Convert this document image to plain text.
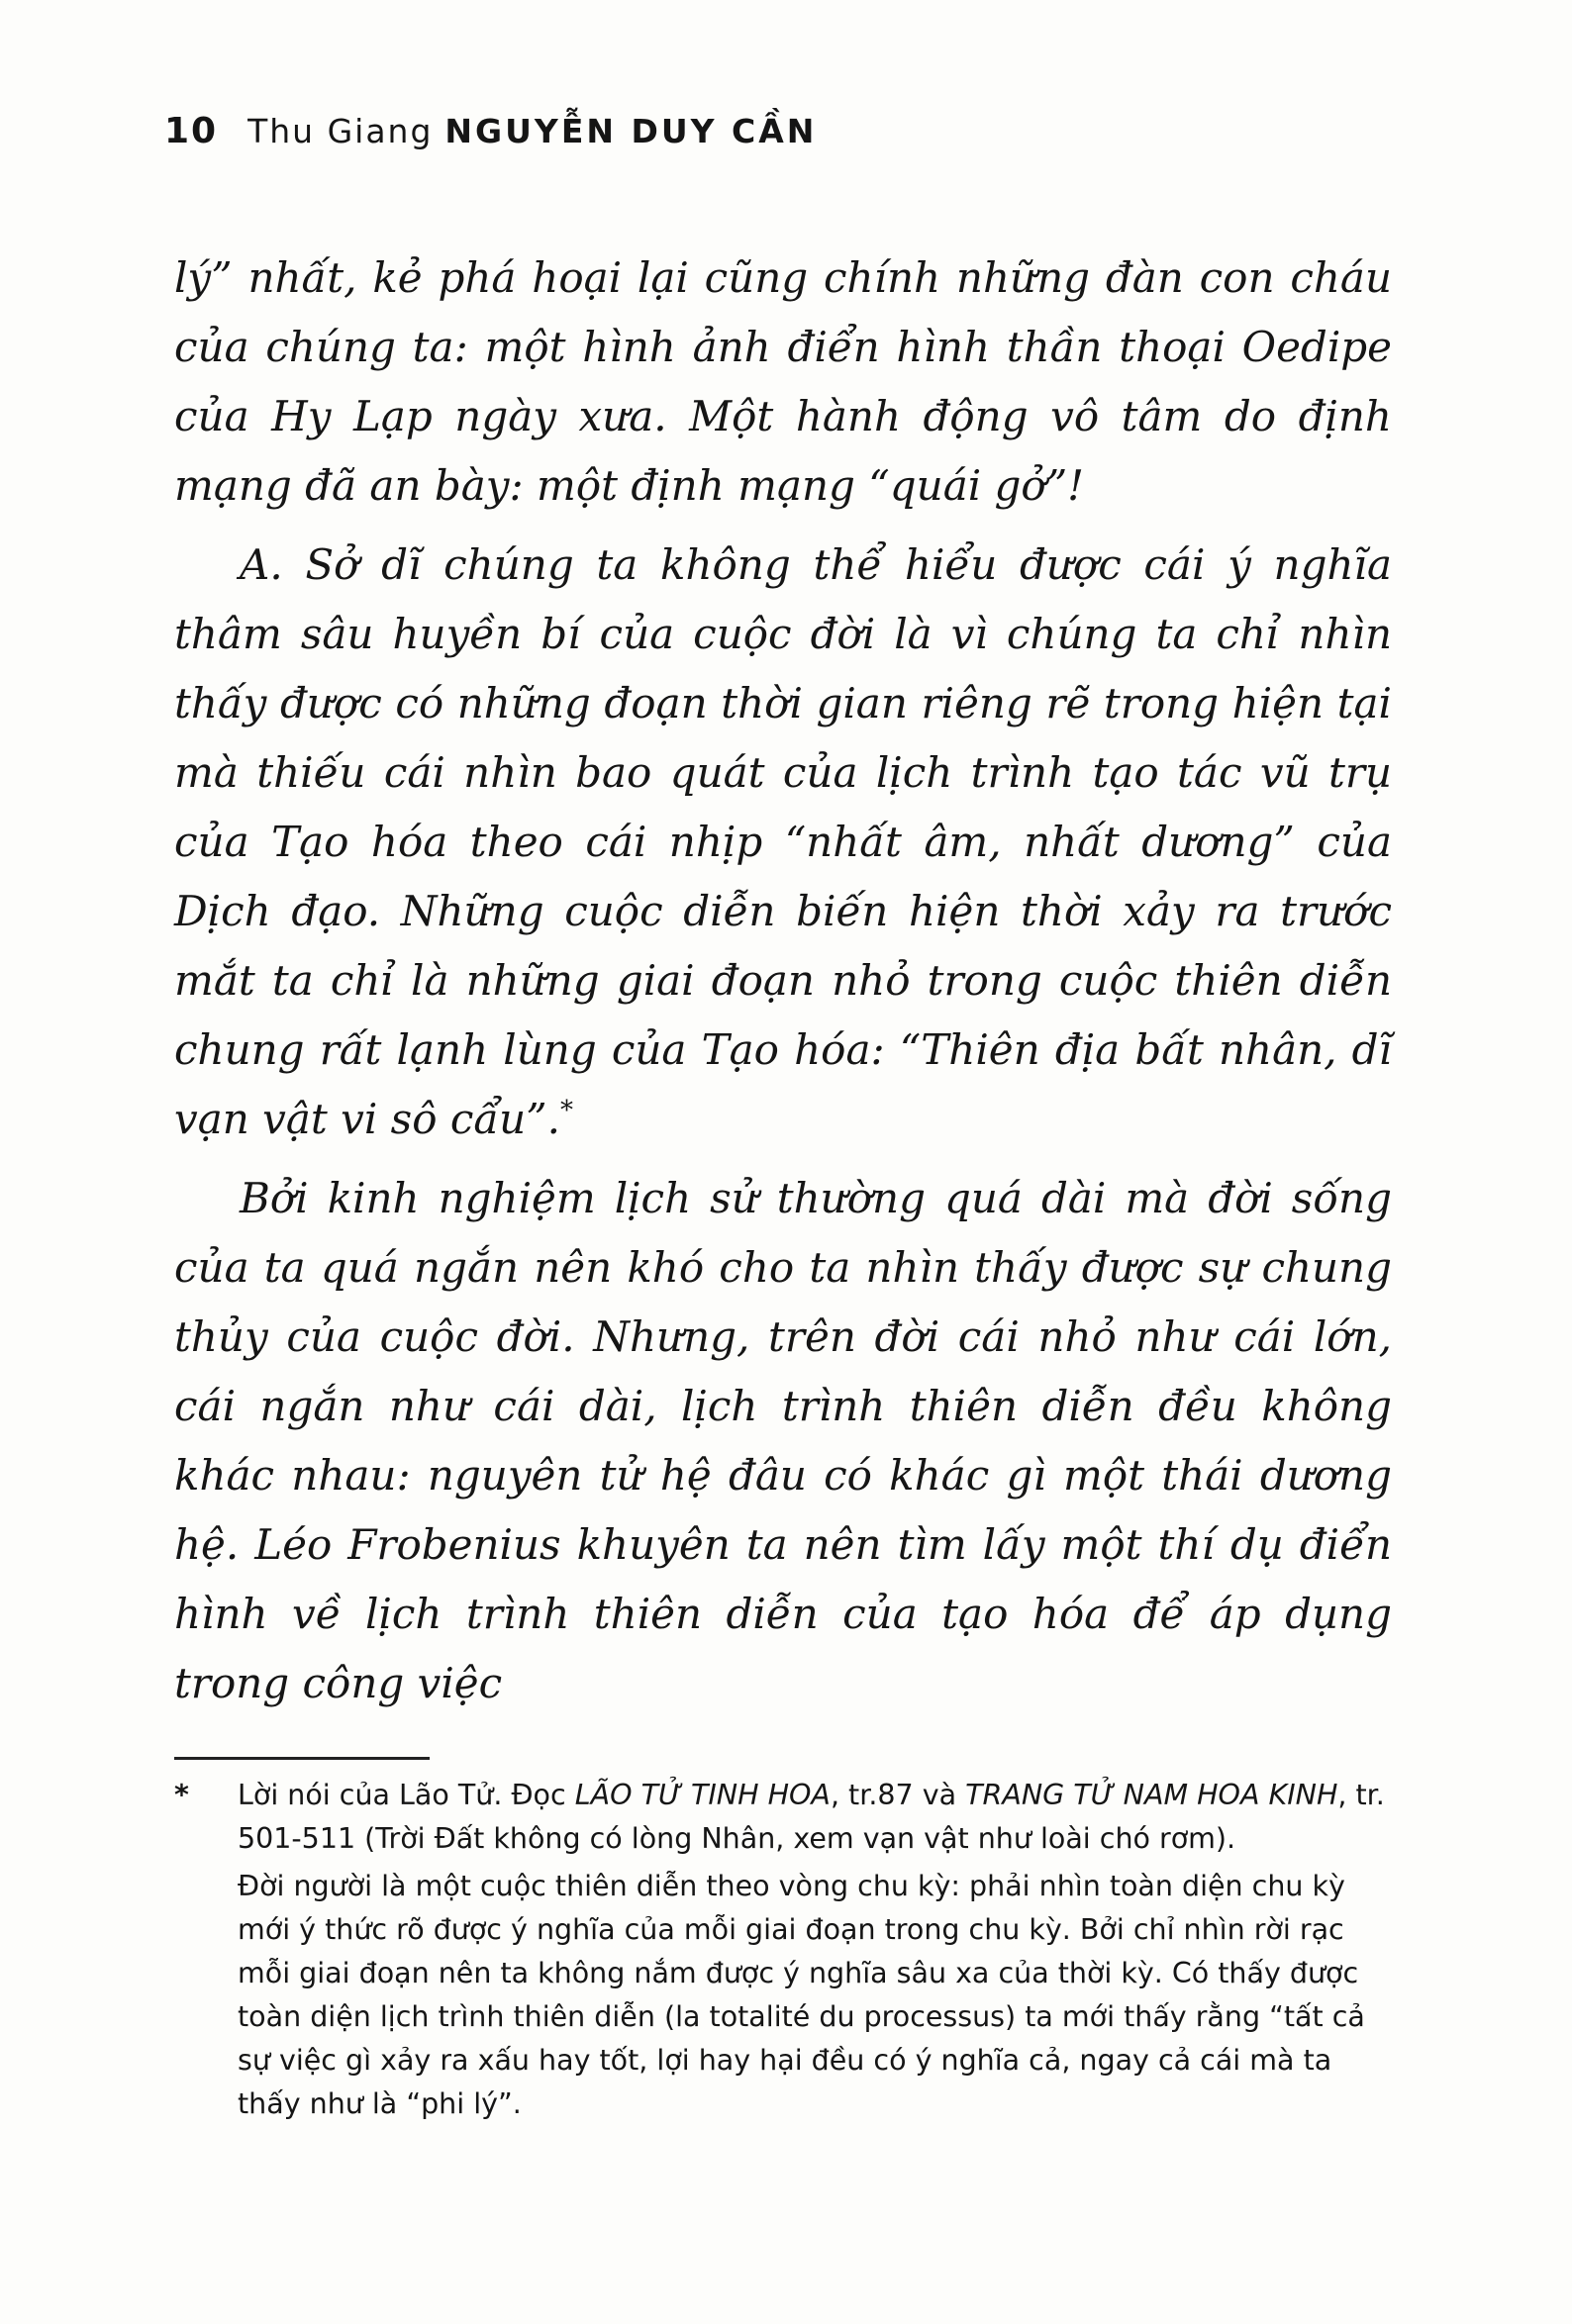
10 Thu Giang NGUYỄN DUY CẦN

lý” nhất, kẻ phá hoại lại cũng chính những đàn con cháu của chúng ta: một hình ảnh điển hình thần thoại Oedipe của Hy Lạp ngày xưa. Một hành động vô tâm do định mạng đã an bày: một định mạng “quái gở”!

A. Sở dĩ chúng ta không thể hiểu được cái ý nghĩa thâm sâu huyền bí của cuộc đời là vì chúng ta chỉ nhìn thấy được có những đoạn thời gian riêng rẽ trong hiện tại mà thiếu cái nhìn bao quát của lịch trình tạo tác vũ trụ của Tạo hóa theo cái nhịp “nhất âm, nhất dương” của Dịch đạo. Những cuộc diễn biến hiện thời xảy ra trước mắt ta chỉ là những giai đoạn nhỏ trong cuộc thiên diễn chung rất lạnh lùng của Tạo hóa: “Thiên địa bất nhân, dĩ vạn vật vi sô cẩu”.*

Bởi kinh nghiệm lịch sử thường quá dài mà đời sống của ta quá ngắn nên khó cho ta nhìn thấy được sự chung thủy của cuộc đời. Nhưng, trên đời cái nhỏ như cái lớn, cái ngắn như cái dài, lịch trình thiên diễn đều không khác nhau: nguyên tử hệ đâu có khác gì một thái dương hệ. Léo Frobenius khuyên ta nên tìm lấy một thí dụ điển hình về lịch trình thiên diễn của tạo hóa để áp dụng trong công việc

* Lời nói của Lão Tử. Đọc LÃO TỬ TINH HOA, tr.87 và TRANG TỬ NAM HOA KINH, tr. 501-511 (Trời Đất không có lòng Nhân, xem vạn vật như loài chó rơm).

Đời người là một cuộc thiên diễn theo vòng chu kỳ: phải nhìn toàn diện chu kỳ mới ý thức rõ được ý nghĩa của mỗi giai đoạn trong chu kỳ. Bởi chỉ nhìn rời rạc mỗi giai đoạn nên ta không nắm được ý nghĩa sâu xa của thời kỳ. Có thấy được toàn diện lịch trình thiên diễn (la totalité du processus) ta mới thấy rằng “tất cả sự việc gì xảy ra xấu hay tốt, lợi hay hại đều có ý nghĩa cả, ngay cả cái mà ta thấy như là “phi lý”.
